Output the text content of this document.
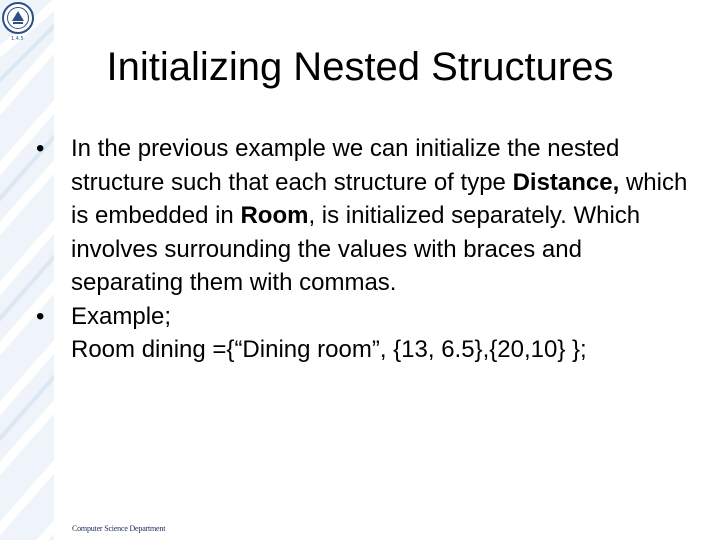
1.4.5
Initializing Nested Structures
•	In the previous example we can initialize the nested structure such that each structure of type Distance, which is embedded in Room, is initialized separately. Which involves surrounding the values with braces and separating them with commas.
•	Example;
Room dining ={“Dining room”, {13, 6.5},{20,10} };
Computer Science Department
